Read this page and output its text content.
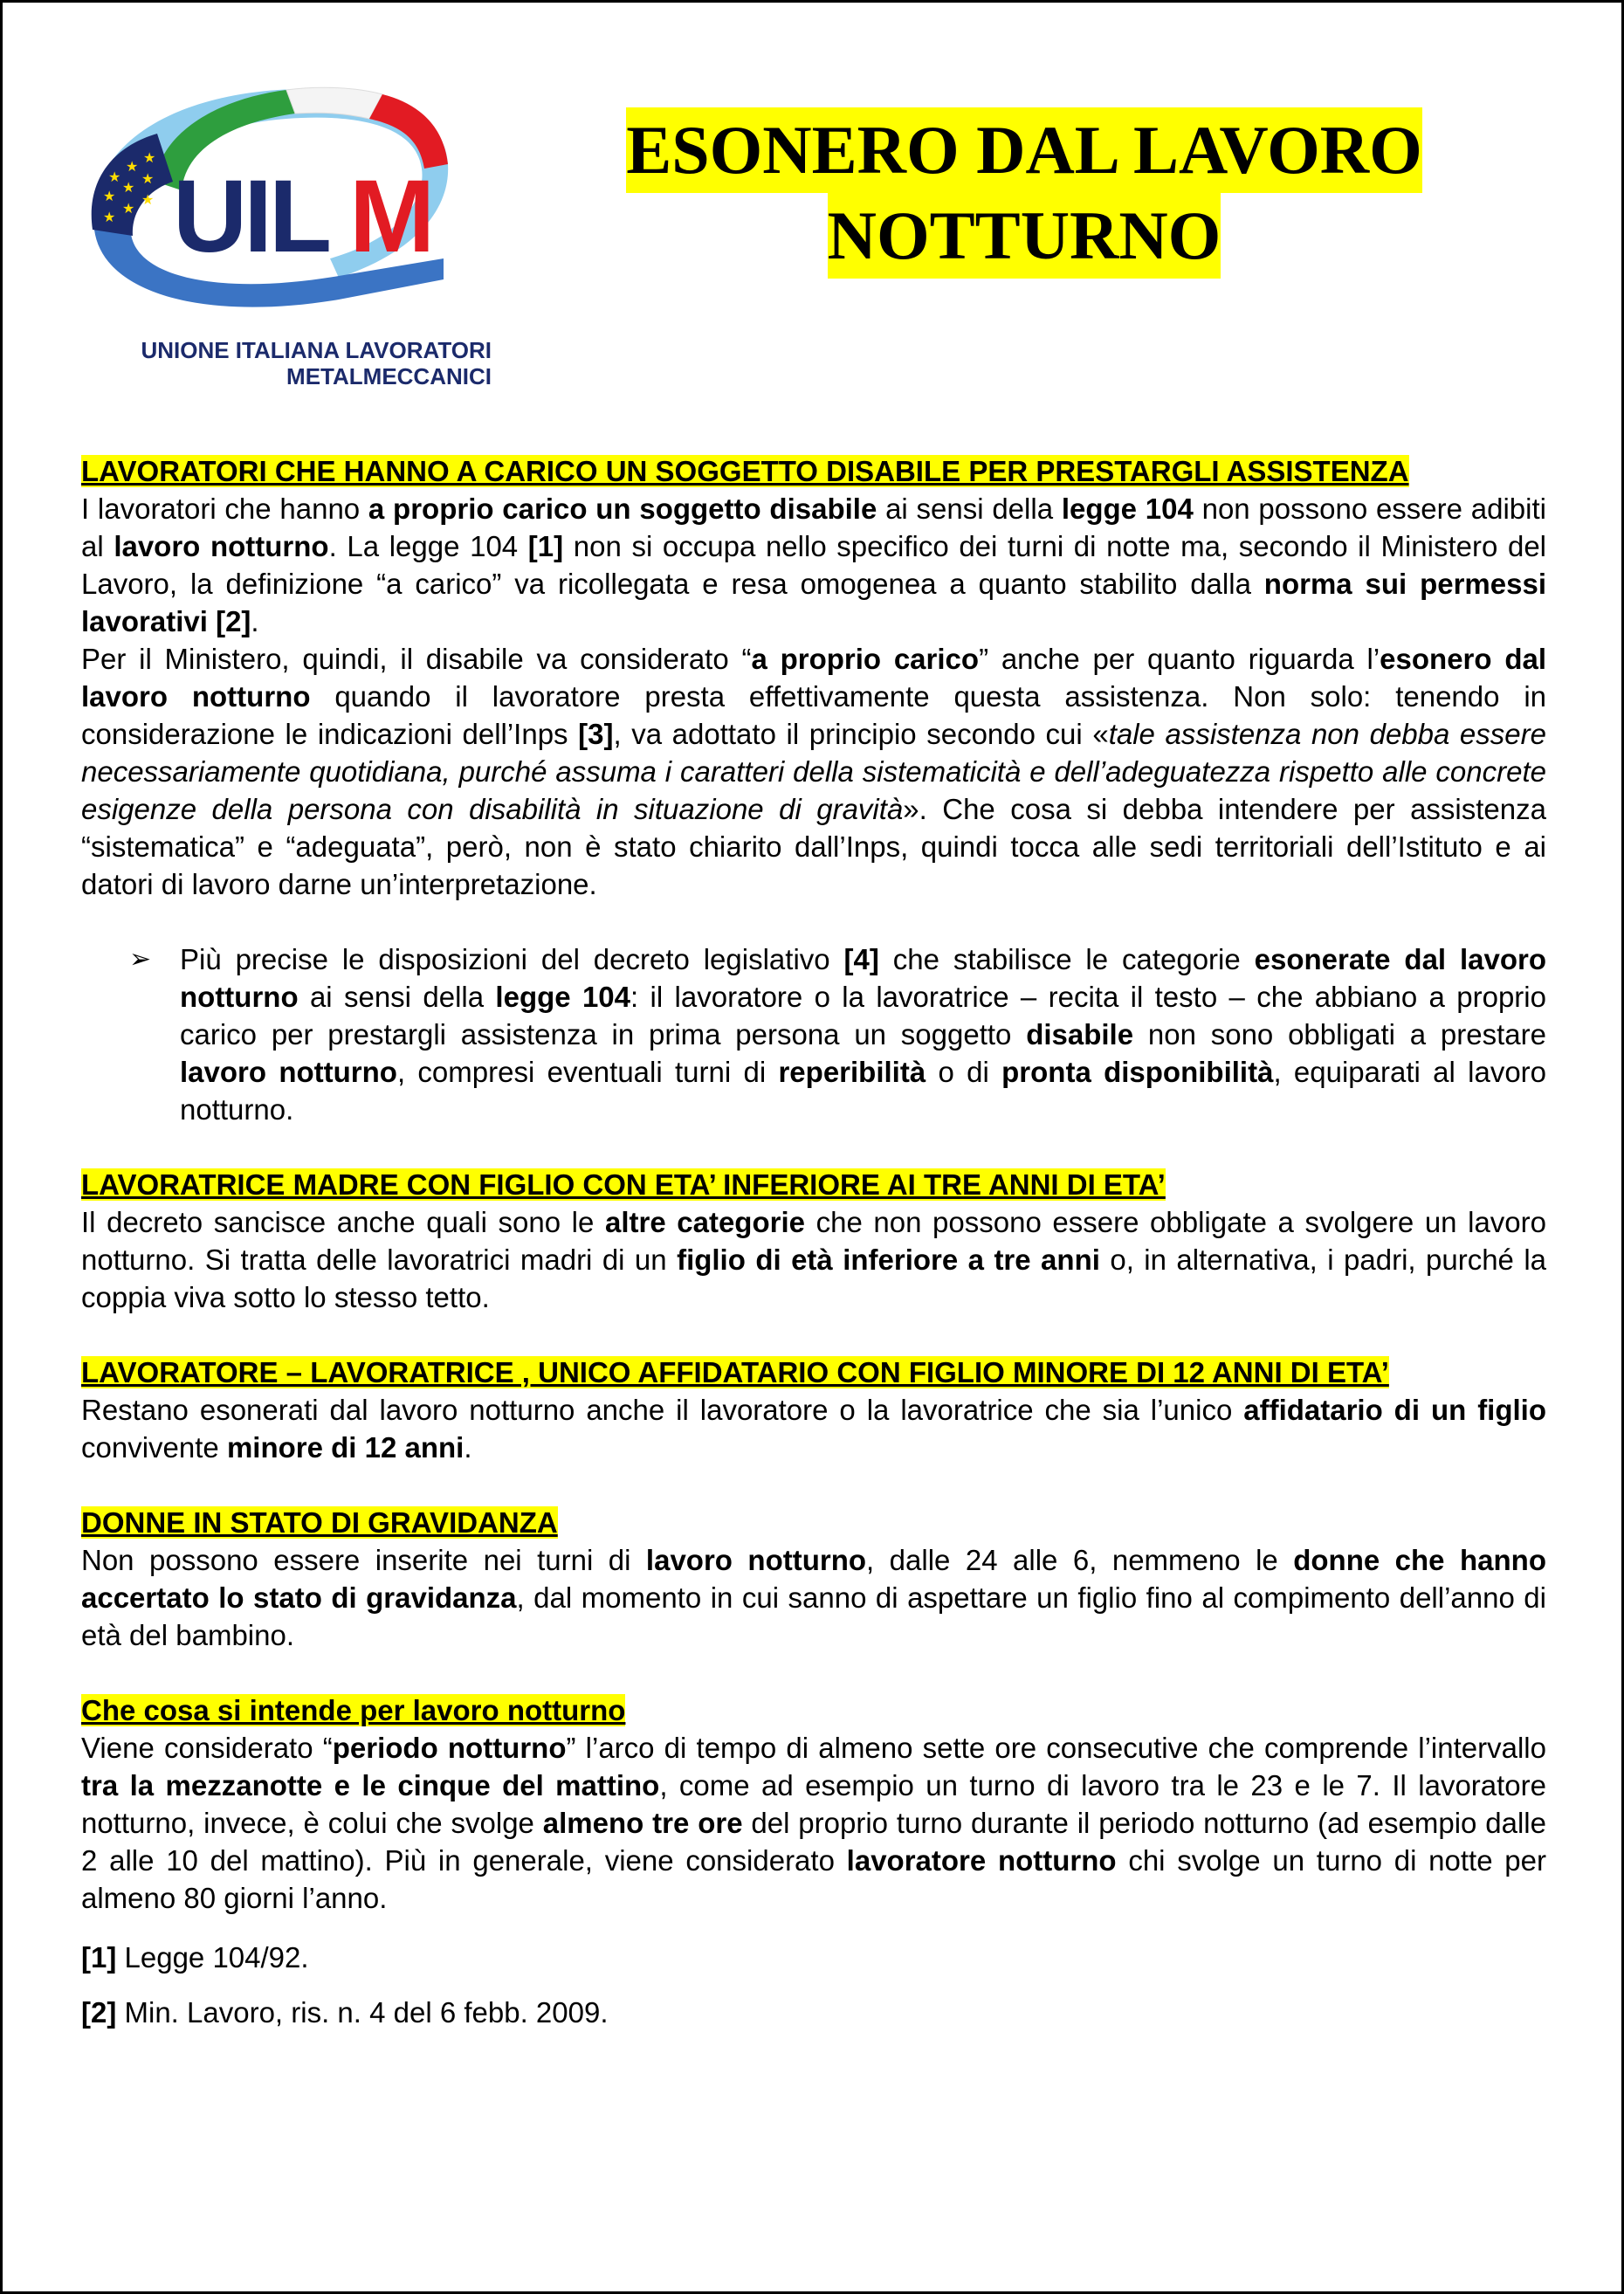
★
★
★
★
★
★
★
★
★ UIL M
UNIONE ITALIANA LAVORATORI
METALMECCANICI
ESONERO DAL LAVORO
NOTTURNO
LAVORATORI CHE HANNO A CARICO UN SOGGETTO DISABILE PER PRESTARGLI ASSISTENZA
I lavoratori che hanno a proprio carico un soggetto disabile ai sensi della legge 104 non possono essere adibiti al lavoro notturno. La legge 104 [1] non si occupa nello specifico dei turni di notte ma, secondo il Ministero del Lavoro, la definizione “a carico” va ricollegata e resa omogenea a quanto stabilito dalla norma sui permessi lavorativi [2].
Per il Ministero, quindi, il disabile va considerato “a proprio carico” anche per quanto riguarda l’esonero dal lavoro notturno quando il lavoratore presta effettivamente questa assistenza. Non solo: tenendo in considerazione le indicazioni dell’Inps [3], va adottato il principio secondo cui «tale assistenza non debba essere necessariamente quotidiana, purché assuma i caratteri della sistematicità e dell’adeguatezza rispetto alle concrete esigenze della persona con disabilità in situazione di gravità». Che cosa si debba intendere per assistenza “sistematica” e “adeguata”, però, non è stato chiarito dall’Inps, quindi tocca alle sedi territoriali dell’Istituto e ai datori di lavoro darne un’interpretazione.
➢ Più precise le disposizioni del decreto legislativo [4] che stabilisce le categorie esonerate dal lavoro notturno ai sensi della legge 104: il lavoratore o la lavoratrice – recita il testo – che abbiano a proprio carico per prestargli assistenza in prima persona un soggetto disabile non sono obbligati a prestare lavoro notturno, compresi eventuali turni di reperibilità o di pronta disponibilità, equiparati al lavoro notturno.
LAVORATRICE MADRE CON FIGLIO CON ETA’ INFERIORE AI TRE ANNI DI ETA’
Il decreto sancisce anche quali sono le altre categorie che non possono essere obbligate a svolgere un lavoro notturno. Si tratta delle lavoratrici madri di un figlio di età inferiore a tre anni o, in alternativa, i padri, purché la coppia viva sotto lo stesso tetto.
LAVORATORE – LAVORATRICE , UNICO AFFIDATARIO CON FIGLIO MINORE DI 12 ANNI DI ETA’
Restano esonerati dal lavoro notturno anche il lavoratore o la lavoratrice che sia l’unico affidatario di un figlio convivente minore di 12 anni.
DONNE IN STATO DI GRAVIDANZA
Non possono essere inserite nei turni di lavoro notturno, dalle 24 alle 6, nemmeno le donne che hanno accertato lo stato di gravidanza, dal momento in cui sanno di aspettare un figlio fino al compimento dell’anno di età del bambino.
Che cosa si intende per lavoro notturno
Viene considerato “periodo notturno” l’arco di tempo di almeno sette ore consecutive che comprende l’intervallo tra la mezzanotte e le cinque del mattino, come ad esempio un turno di lavoro tra le 23 e le 7. Il lavoratore notturno, invece, è colui che svolge almeno tre ore del proprio turno durante il periodo notturno (ad esempio dalle 2 alle 10 del mattino). Più in generale, viene considerato lavoratore notturno chi svolge un turno di notte per almeno 80 giorni l’anno.
[1] Legge 104/92.
[2] Min. Lavoro, ris. n. 4 del 6 febb. 2009.
